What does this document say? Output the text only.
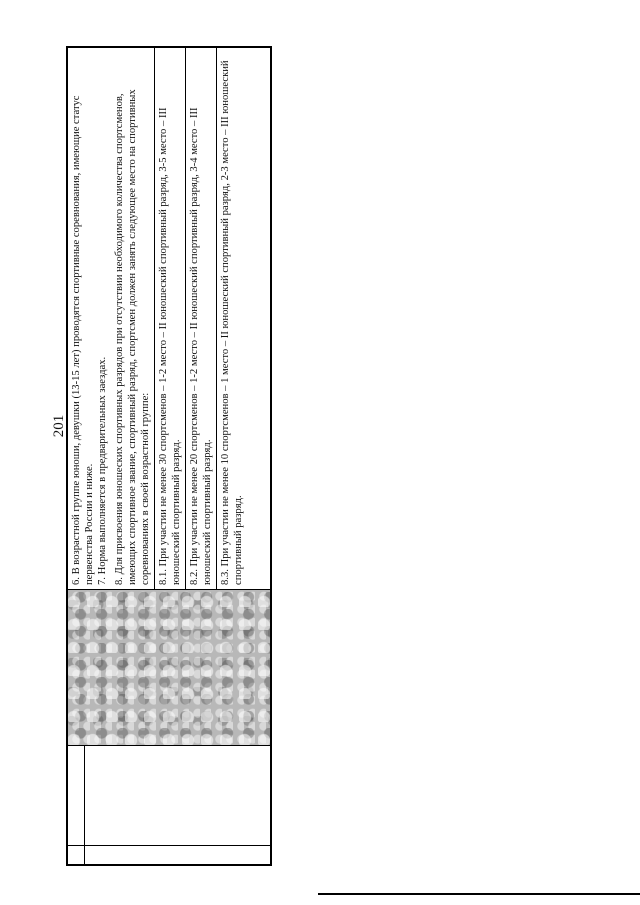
201 6. В возрастной группе юноши, девушки (13-15 лет) проводятся спортивные соревнования, имеющие статус первенства России и ниже. 7. Норма выполняется в предварительных заездах. 8. Для присвоения юношеских спортивных разрядов при отсутствии необходимого количества спортсменов, имеющих спортивное звание, спортивный разряд, спортсмен должен занять следующее место на спортивных соревнованиях в своей возрастной группе: 8.1. При участии не менее 30 спортсменов – 1-2 место – II юношеский спортивный разряд, 3-5 место – III юношеский спортивный разряд. 8.2. При участии не менее 20 спортсменов – 1-2 место – II юношеский спортивный разряд, 3-4 место – III юношеский спортивный разряд. 8.3. При участии не менее 10 спортсменов – 1 место – II юношеский спортивный разряд, 2-3 место – III юношеский спортивный разряд.
